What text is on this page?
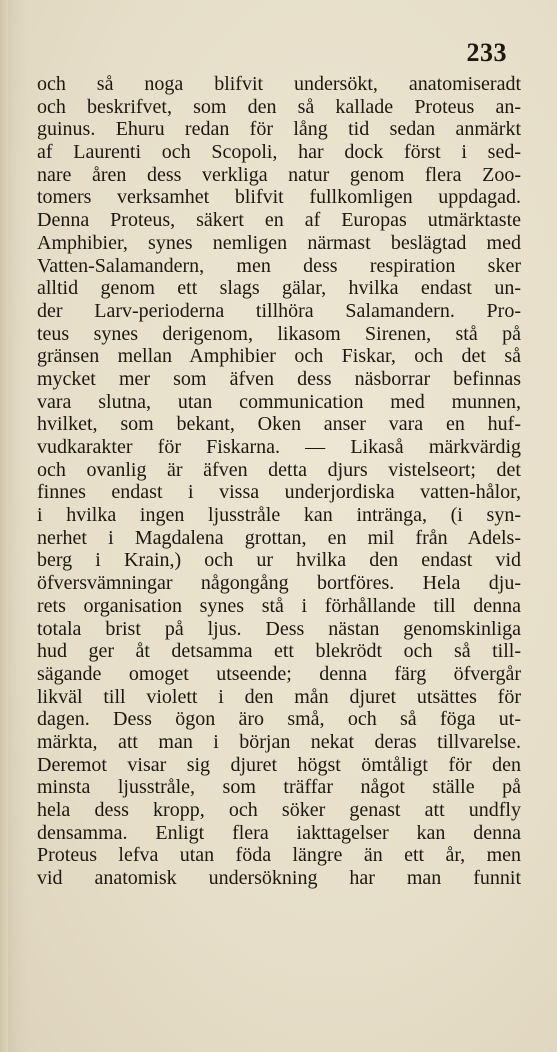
233
och så noga blifvit undersökt, anatomiseradt
och beskrifvet, som den så kallade Proteus an-
guinus. Ehuru redan för lång tid sedan anmärkt
af Laurenti och Scopoli, har dock först i sed-
nare åren dess verkliga natur genom flera Zoo-
tomers verksamhet blifvit fullkomligen uppdagad.
Denna Proteus, säkert en af Europas utmärktaste
Amphibier, synes nemligen närmast beslägtad med
Vatten-Salamandern, men dess respiration sker
alltid genom ett slags gälar, hvilka endast un-
der Larv-perioderna tillhöra Salamandern. Pro-
teus synes derigenom, likasom Sirenen, stå på
gränsen mellan Amphibier och Fiskar, och det så
mycket mer som äfven dess näsborrar befinnas
vara slutna, utan communication med munnen,
hvilket, som bekant, Oken anser vara en huf-
vudkarakter för Fiskarna. — Likaså märkvärdig
och ovanlig är äfven detta djurs vistelseort; det
finnes endast i vissa underjordiska vatten-hålor,
i hvilka ingen ljusstråle kan intränga, (i syn-
nerhet i Magdalena grottan, en mil från Adels-
berg i Krain,) och ur hvilka den endast vid
öfversvämningar någongång bortföres. Hela dju-
rets organisation synes stå i förhållande till denna
totala brist på ljus. Dess nästan genomskinliga
hud ger åt detsamma ett blekrödt och så till-
sägande omoget utseende; denna färg öfvergår
likväl till violett i den mån djuret utsättes för
dagen. Dess ögon äro små, och så föga ut-
märkta, att man i början nekat deras tillvarelse.
Deremot visar sig djuret högst ömtåligt för den
minsta ljusstråle, som träffar något ställe på
hela dess kropp, och söker genast att undfly
densamma. Enligt flera iakttagelser kan denna
Proteus lefva utan föda längre än ett år, men
vid anatomisk undersökning har man funnit
